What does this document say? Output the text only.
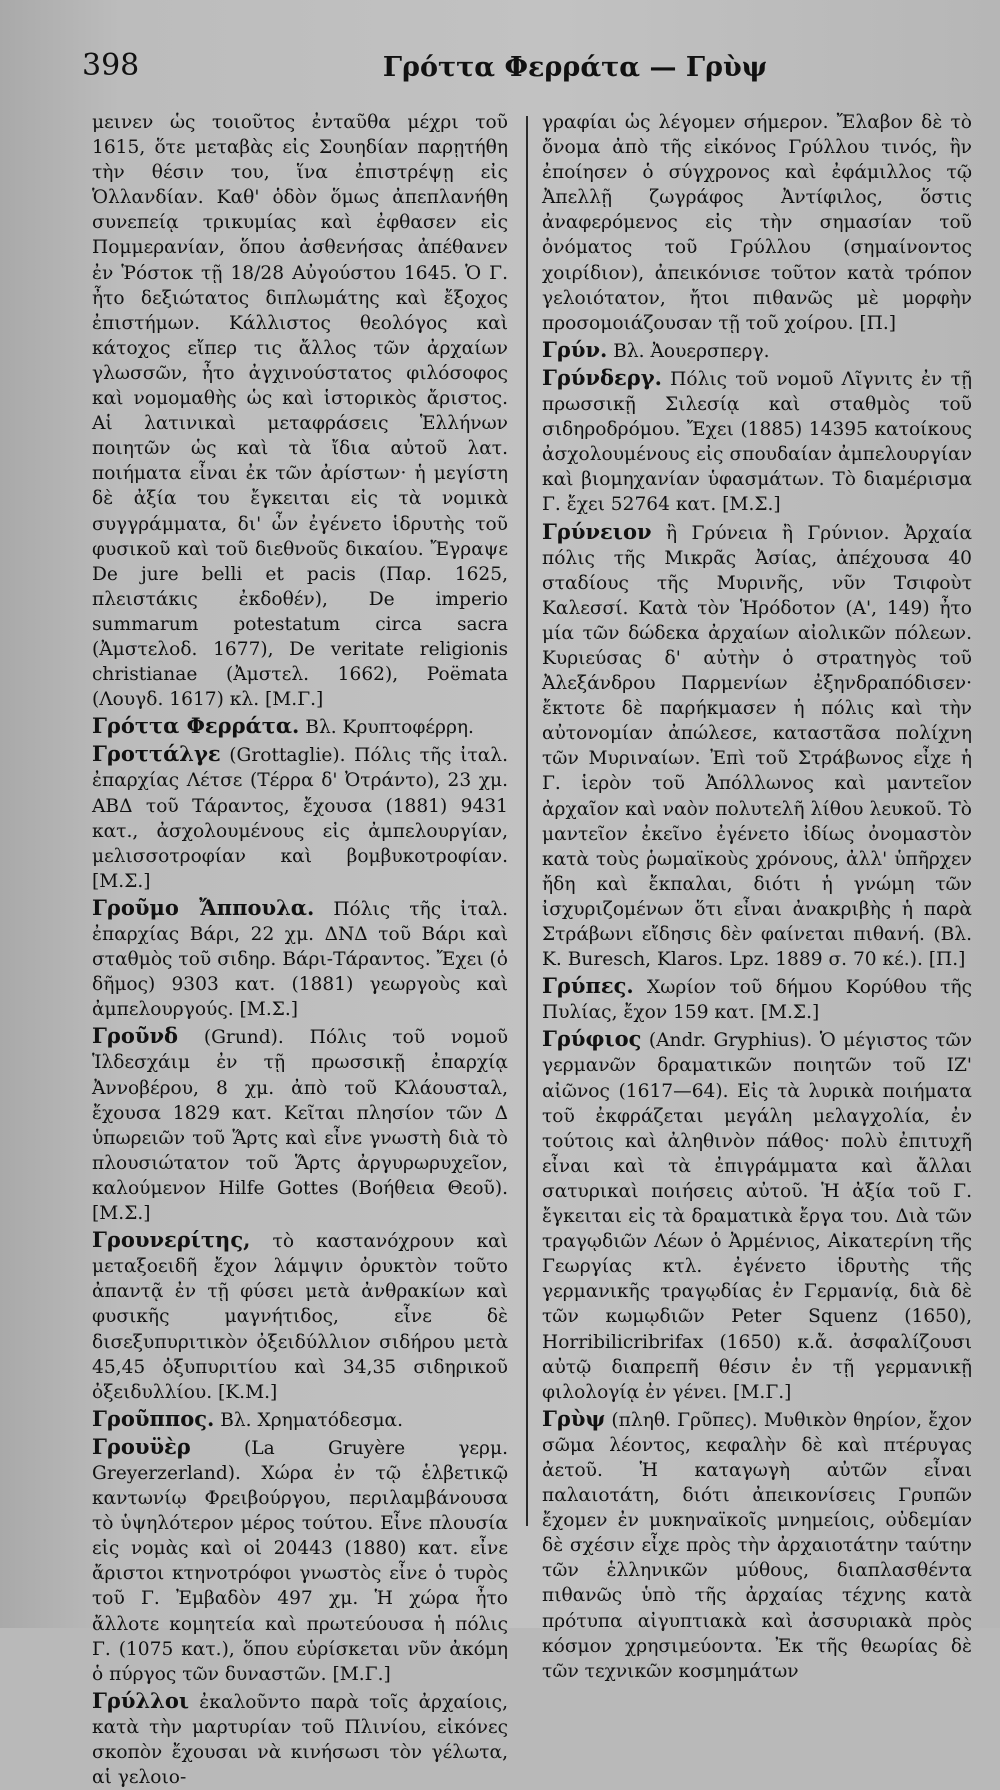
398	Γρόττα Φερράτα — Γρὺψ

μεινεν ὡς τοιοῦτος ἐνταῦθα μέχρι τοῦ 1615, ὅτε μεταβὰς εἰς Σουηδίαν παρῃτήθη τὴν θέσιν του, ἵνα ἐπιστρέψῃ εἰς Ὁλλανδίαν. Καθ' ὁδὸν ὅμως ἀπεπλανήθη συνεπείᾳ τρικυμίας καὶ ἐφθασεν εἰς Πομμερανίαν, ὅπου ἀσθενήσας ἀπέθανεν ἐν Ῥόστοκ τῇ 18/28 Αὐγούστου 1645. Ὁ Γ. ἦτο δεξιώτατος διπλωμάτης καὶ ἔξοχος ἐπιστήμων. Κάλλιστος θεολόγος καὶ κάτοχος εἴπερ τις ἄλλος τῶν ἀρχαίων γλωσσῶν, ἦτο ἀγχινούστατος φιλόσοφος καὶ νομομαθὴς ὡς καὶ ἱστορικὸς ἄριστος. Αἱ λατινικαὶ μεταφράσεις Ἑλλήνων ποιητῶν ὡς καὶ τὰ ἴδια αὐτοῦ λατ. ποιήματα εἶναι ἐκ τῶν ἀρίστων· ἡ μεγίστη δὲ ἀξία του ἔγκειται εἰς τὰ νομικὰ συγγράμματα, δι' ὧν ἐγένετο ἱδρυτὴς τοῦ φυσικοῦ καὶ τοῦ διεθνοῦς δικαίου. Ἔγραψε De jure belli et pacis (Παρ. 1625, πλειστάκις ἐκδοθέν), De imperio summarum potestatum circa sacra (Ἀμστελοδ. 1677), De veritate religionis christianae (Ἀμστελ. 1662), Poëmata (Λουγδ. 1617) κλ. [Μ.Γ.]

Γρόττα Φερράτα. Βλ. Κρυπτοφέρρη.

Γροττάλγε (Grottaglie). Πόλις τῆς ἰταλ. ἐπαρχίας Λέτσε (Τέρρα δ' Ὀτράντο), 23 χμ. ΑΒΔ τοῦ Τάραντος, ἔχουσα (1881) 9431 κατ., ἀσχολουμένους εἰς ἀμπελουργίαν, μελισσοτροφίαν καὶ βομβυκοτροφίαν. [Μ.Σ.]

Γροῦμο Ἄππουλα. Πόλις τῆς ἰταλ. ἐπαρχίας Βάρι, 22 χμ. ΔΝΔ τοῦ Βάρι καὶ σταθμὸς τοῦ σιδηρ. Βάρι-Τάραντος. Ἔχει (ὁ δῆμος) 9303 κατ. (1881) γεωργοὺς καὶ ἀμπελουργούς. [Μ.Σ.]

Γροῦνδ (Grund). Πόλις τοῦ νομοῦ Ἱλδεσχάιμ ἐν τῇ πρωσσικῇ ἐπαρχίᾳ Ἀννοβέρου, 8 χμ. ἀπὸ τοῦ Κλάουσταλ, ἔχουσα 1829 κατ. Κεῖται πλησίον τῶν Δ ὑπωρειῶν τοῦ Ἅρτς καὶ εἶνε γνωστὴ διὰ τὸ πλουσιώτατον τοῦ Ἅρτς ἀργυρωρυχεῖον, καλούμενον Hilfe Gottes (Βοήθεια Θεοῦ). [Μ.Σ.]

Γρουνερίτης, τὸ καστανόχρουν καὶ μεταξοειδῆ ἔχον λάμψιν ὀρυκτὸν τοῦτο ἀπαντᾷ ἐν τῇ φύσει μετὰ ἀνθρακίων καὶ φυσικῆς μαγνήτιδος, εἶνε δὲ δισεξυπυριτικὸν ὀξειδύλλιον σιδήρου μετὰ 45,45 ὀξυπυριτίου καὶ 34,35 σιδηρικοῦ ὀξειδυλλίου. [Κ.Μ.]

Γροῦππος. Βλ. Χρηματόδεσμα.

Γρουϋὲρ (La Gruyère γερμ. Greyerzerland). Χώρα ἐν τῷ ἑλβετικῷ καντωνίῳ Φρειβούργου, περιλαμβάνουσα τὸ ὑψηλότερον μέρος τούτου. Εἶνε πλουσία εἰς νομὰς καὶ οἱ 20443 (1880) κατ. εἶνε ἄριστοι κτηνοτρόφοι γνωστὸς εἶνε ὁ τυρὸς τοῦ Γ. Ἐμβαδὸν 497 χμ. Ἡ χώρα ἦτο ἄλλοτε κομητεία καὶ πρωτεύουσα ἡ πόλις Γ. (1075 κατ.), ὅπου εὑρίσκεται νῦν ἀκόμη ὁ πύργος τῶν δυναστῶν. [Μ.Γ.]

Γρύλλοι ἐκαλοῦντο παρὰ τοῖς ἀρχαίοις, κατὰ τὴν μαρτυρίαν τοῦ Πλινίου, εἰκόνες σκοπὸν ἔχουσαι νὰ κινήσωσι τὸν γέλωτα, αἱ γελοιο-

γραφίαι ὡς λέγομεν σήμερον. Ἔλαβον δὲ τὸ ὄνομα ἀπὸ τῆς εἰκόνος Γρύλλου τινός, ἣν ἐποίησεν ὁ σύγχρονος καὶ ἐφάμιλλος τῷ Ἀπελλῇ ζωγράφος Ἀντίφιλος, ὅστις ἀναφερόμενος εἰς τὴν σημασίαν τοῦ ὀνόματος τοῦ Γρύλλου (σημαίνοντος χοιρίδιον), ἀπεικόνισε τοῦτον κατὰ τρόπον γελοιότατον, ἤτοι πιθανῶς μὲ μορφὴν προσομοιάζουσαν τῇ τοῦ χοίρου. [Π.]

Γρύν. Βλ. Ἀουερσπεργ.

Γρύνδεργ. Πόλις τοῦ νομοῦ Λῖγνιτς ἐν τῇ πρωσσικῇ Σιλεσίᾳ καὶ σταθμὸς τοῦ σιδηροδρόμου. Ἔχει (1885) 14395 κατοίκους ἀσχολουμένους εἰς σπουδαίαν ἀμπελουργίαν καὶ βιομηχανίαν ὑφασμάτων. Τὸ διαμέρισμα Γ. ἔχει 52764 κατ. [Μ.Σ.]

Γρύνειον ἢ Γρύνεια ἢ Γρύνιον. Ἀρχαία πόλις τῆς Μικρᾶς Ἀσίας, ἀπέχουσα 40 σταδίους τῆς Μυρινῆς, νῦν Τσιφοὺτ Καλεσσί. Κατὰ τὸν Ἡρόδοτον (Α', 149) ἦτο μία τῶν δώδεκα ἀρχαίων αἰολικῶν πόλεων. Κυριεύσας δ' αὐτὴν ὁ στρατηγὸς τοῦ Ἀλεξάνδρου Παρμενίων ἐξηνδραπόδισεν· ἔκτοτε δὲ παρήκμασεν ἡ πόλις καὶ τὴν αὐτονομίαν ἀπώλεσε, καταστᾶσα πολίχνη τῶν Μυριναίων. Ἐπὶ τοῦ Στράβωνος εἶχε ἡ Γ. ἱερὸν τοῦ Ἀπόλλωνος καὶ μαντεῖον ἀρχαῖον καὶ ναὸν πολυτελῆ λίθου λευκοῦ. Τὸ μαντεῖον ἐκεῖνο ἐγένετο ἰδίως ὀνομαστὸν κατὰ τοὺς ῥωμαϊκοὺς χρόνους, ἀλλ' ὑπῆρχεν ἤδη καὶ ἔκπαλαι, διότι ἡ γνώμη τῶν ἰσχυριζομένων ὅτι εἶναι ἀνακριβὴς ἡ παρὰ Στράβωνι εἴδησις δὲν φαίνεται πιθανή. (Βλ. K. Buresch, Klaros. Lpz. 1889 σ. 70 κέ.). [Π.]

Γρύπες. Χωρίον τοῦ δήμου Κορύθου τῆς Πυλίας, ἔχον 159 κατ. [Μ.Σ.]

Γρύφιος (Andr. Gryphius). Ὁ μέγιστος τῶν γερμανῶν δραματικῶν ποιητῶν τοῦ ΙΖ' αἰῶνος (1617—64). Εἰς τὰ λυρικὰ ποιήματα τοῦ ἐκφράζεται μεγάλη μελαγχολία, ἐν τούτοις καὶ ἀληθινὸν πάθος· πολὺ ἐπιτυχῆ εἶναι καὶ τὰ ἐπιγράμματα καὶ ἄλλαι σατυρικαὶ ποιήσεις αὐτοῦ. Ἡ ἀξία τοῦ Γ. ἔγκειται εἰς τὰ δραματικὰ ἔργα του. Διὰ τῶν τραγῳδιῶν Λέων ὁ Ἀρμένιος, Αἰκατερίνη τῆς Γεωργίας κτλ. ἐγένετο ἱδρυτὴς τῆς γερμανικῆς τραγῳδίας ἐν Γερμανίᾳ, διὰ δὲ τῶν κωμῳδιῶν Peter Squenz (1650), Horribilicribrifax (1650) κ.ἄ. ἀσφαλίζουσι αὐτῷ διαπρεπῆ θέσιν ἐν τῇ γερμανικῇ φιλολογίᾳ ἐν γένει. [Μ.Γ.]

Γρὺψ (πληθ. Γρῦπες). Μυθικὸν θηρίον, ἔχον σῶμα λέοντος, κεφαλὴν δὲ καὶ πτέρυγας ἀετοῦ. Ἡ καταγωγὴ αὐτῶν εἶναι παλαιοτάτη, διότι ἀπεικονίσεις Γρυπῶν ἔχομεν ἐν μυκηναϊκοῖς μνημείοις, οὐδεμίαν δὲ σχέσιν εἶχε πρὸς τὴν ἀρχαιοτάτην ταύτην τῶν ἑλληνικῶν μύθους, διαπλασθέντα πιθανῶς ὑπὸ τῆς ἀρχαίας τέχνης κατὰ πρότυπα αἰγυπτιακὰ καὶ ἀσσυριακὰ πρὸς κόσμον χρησιμεύοντα. Ἐκ τῆς θεωρίας δὲ τῶν τεχνικῶν κοσμημάτων
